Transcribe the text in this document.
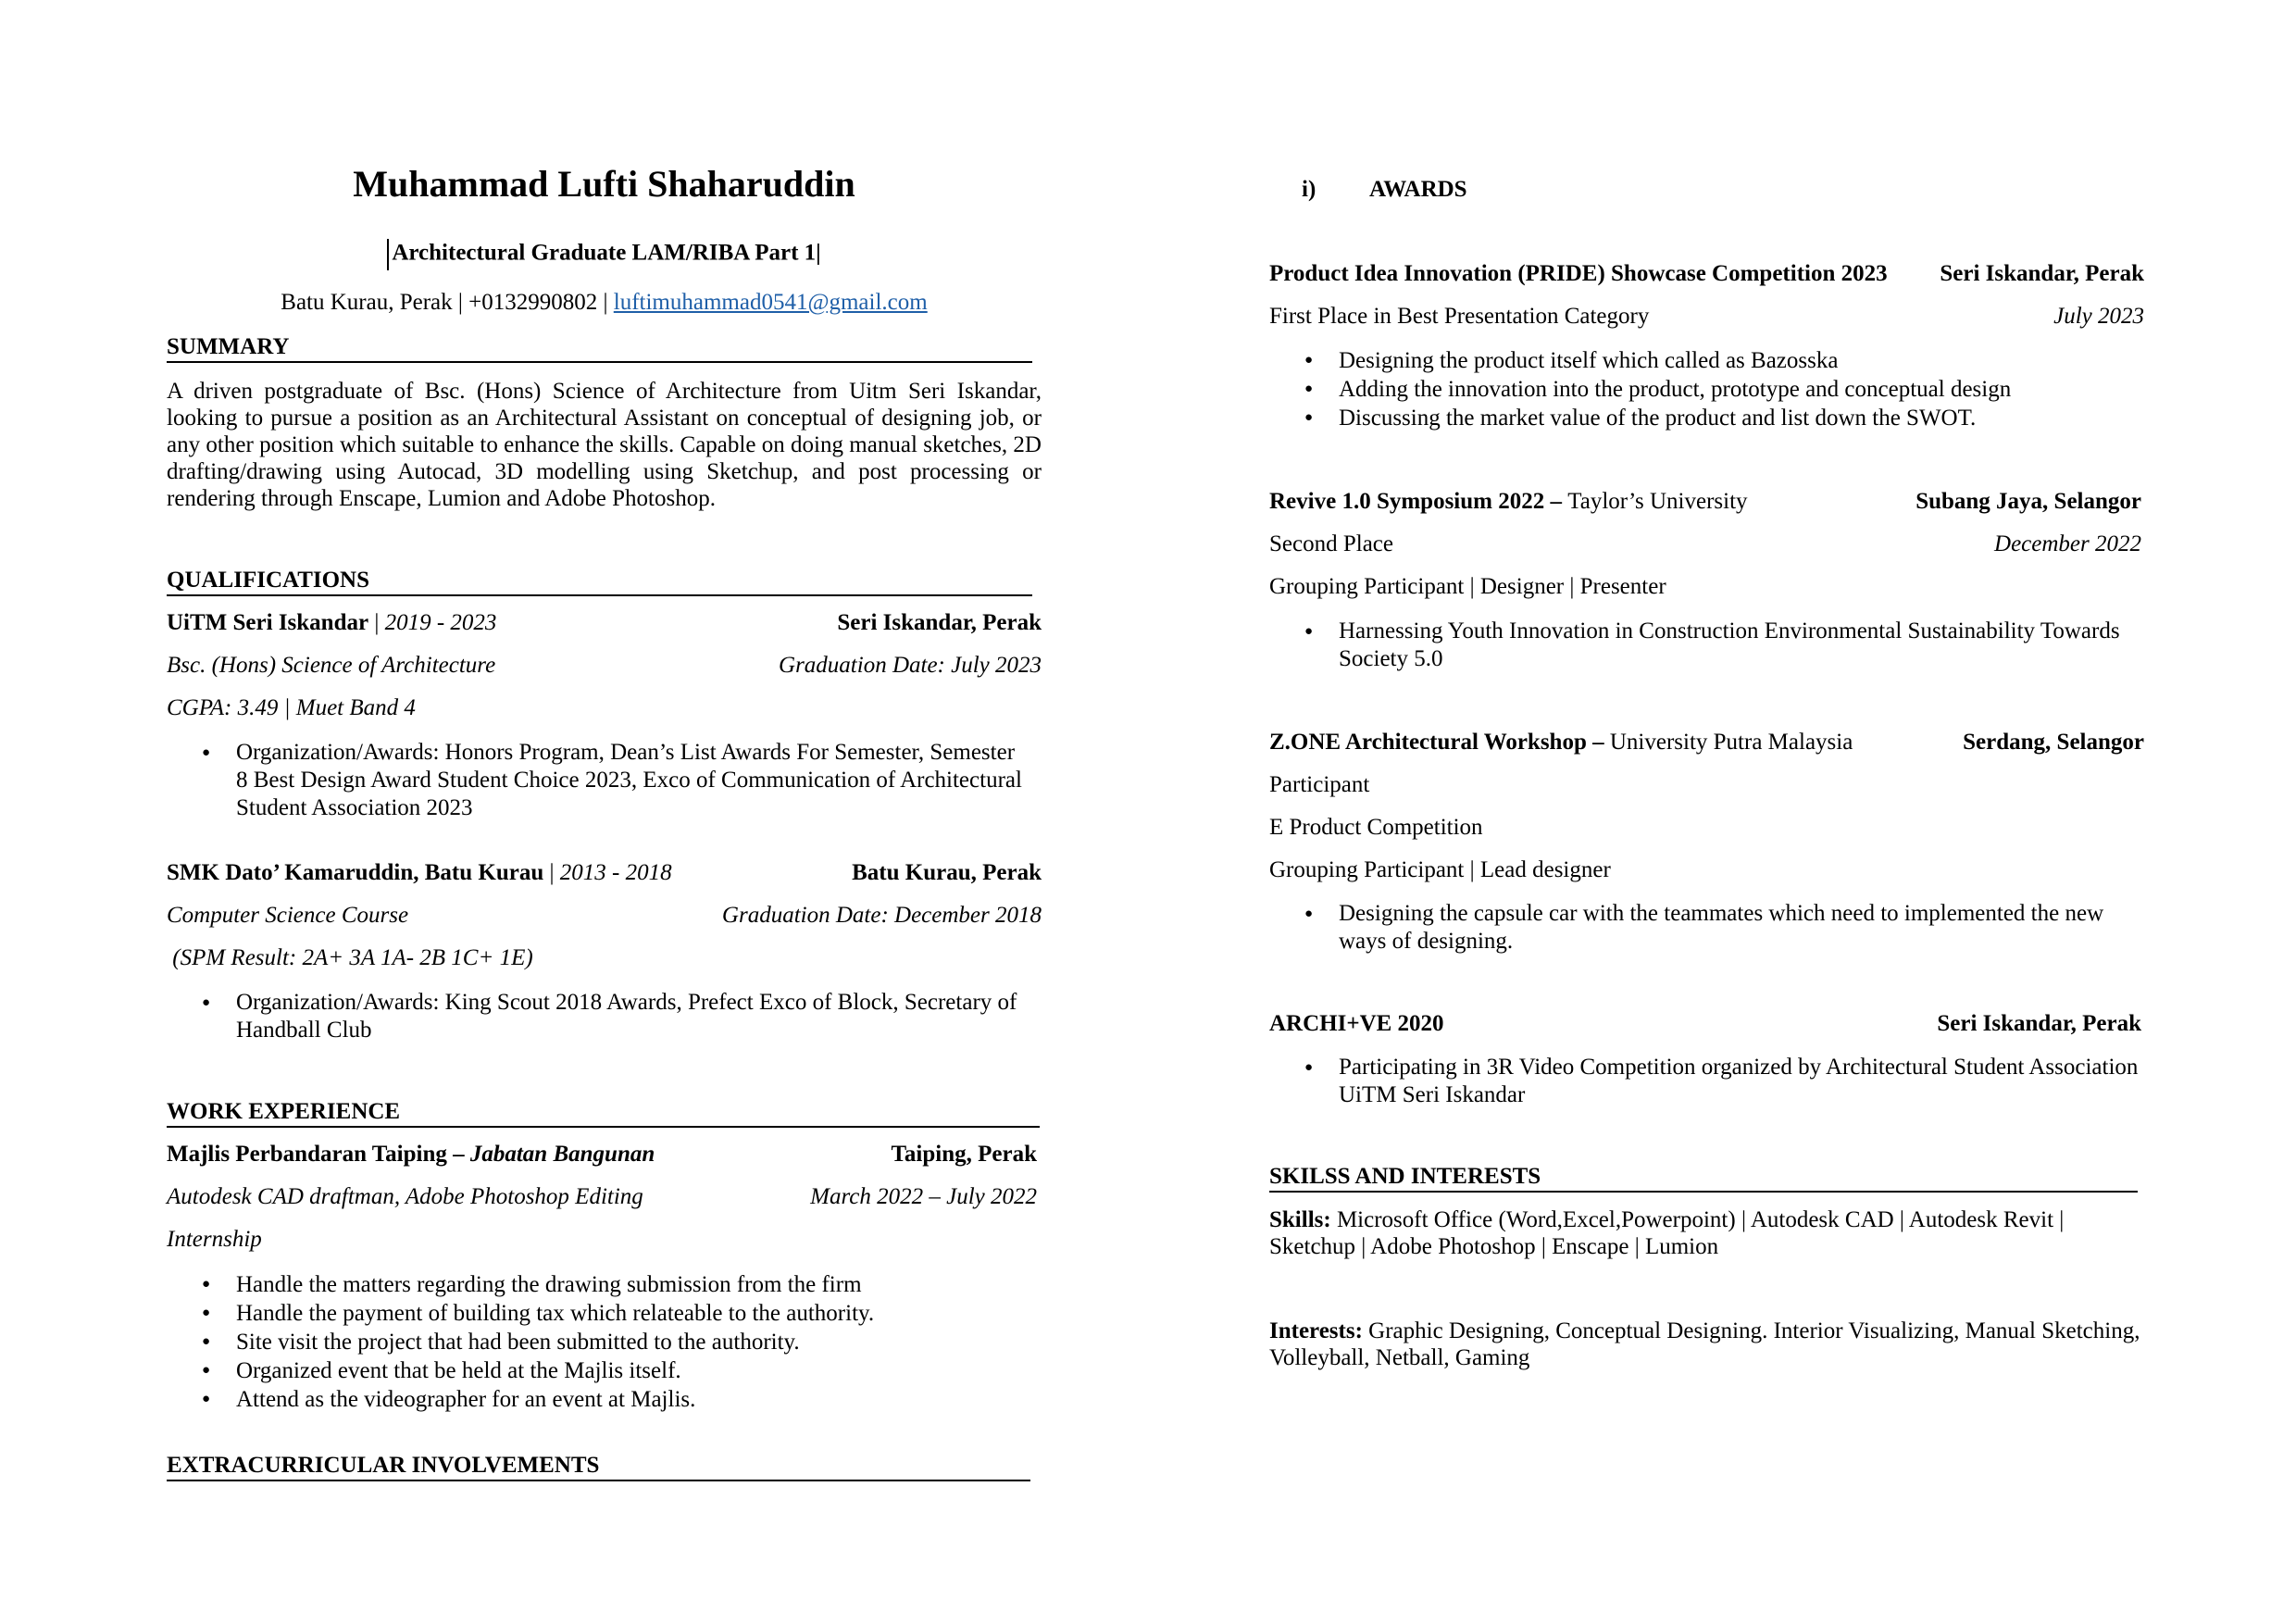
Muhammad Lufti Shaharuddin
Architectural Graduate LAM/RIBA Part 1|
Batu Kurau, Perak | +0132990802 | luftimuhammad0541@gmail.com
SUMMARY
A driven postgraduate of Bsc. (Hons) Science of Architecture from Uitm Seri Iskandar, looking to pursue a position as an Architectural Assistant on conceptual of designing job, or any other position which suitable to enhance the skills. Capable on doing manual sketches, 2D drafting/drawing using Autocad, 3D modelling using Sketchup, and post processing or rendering through Enscape, Lumion and Adobe Photoshop.
QUALIFICATIONS
UiTM Seri Iskandar | 2019 - 2023	Seri Iskandar, Perak
Bsc. (Hons) Science of Architecture	Graduation Date: July 2023
CGPA: 3.49 | Muet Band 4
● Organization/Awards: Honors Program, Dean’s List Awards For Semester, Semester 8 Best Design Award Student Choice 2023, Exco of Communication of Architectural Student Association 2023
SMK Dato’ Kamaruddin, Batu Kurau | 2013 - 2018	Batu Kurau, Perak
Computer Science Course	Graduation Date: December 2018
(SPM Result: 2A+ 3A 1A- 2B 1C+ 1E)
● Organization/Awards: King Scout 2018 Awards, Prefect Exco of Block, Secretary of Handball Club
WORK EXPERIENCE
Majlis Perbandaran Taiping – Jabatan Bangunan	Taiping, Perak
Autodesk CAD draftman, Adobe Photoshop Editing	March 2022 – July 2022
Internship
● Handle the matters regarding the drawing submission from the firm
● Handle the payment of building tax which relateable to the authority.
● Site visit the project that had been submitted to the authority.
● Organized event that be held at the Majlis itself.
● Attend as the videographer for an event at Majlis.
EXTRACURRICULAR INVOLVEMENTS
i) AWARDS
Product Idea Innovation (PRIDE) Showcase Competition 2023 Seri Iskandar, Perak
First Place in Best Presentation Category	July 2023
● Designing the product itself which called as Bazosska
● Adding the innovation into the product, prototype and conceptual design
● Discussing the market value of the product and list down the SWOT.
Revive 1.0 Symposium 2022 – Taylor’s University	Subang Jaya, Selangor
Second Place	December 2022
Grouping Participant | Designer | Presenter
● Harnessing Youth Innovation in Construction Environmental Sustainability Towards Society 5.0
Z.ONE Architectural Workshop – University Putra Malaysia	Serdang, Selangor
Participant
E Product Competition
Grouping Participant | Lead designer
● Designing the capsule car with the teammates which need to implemented the new ways of designing.
ARCHI+VE 2020	Seri Iskandar, Perak
● Participating in 3R Video Competition organized by Architectural Student Association UiTM Seri Iskandar
SKILSS AND INTERESTS
Skills: Microsoft Office (Word,Excel,Powerpoint) | Autodesk CAD | Autodesk Revit | Sketchup | Adobe Photoshop | Enscape | Lumion
Interests: Graphic Designing, Conceptual Designing. Interior Visualizing, Manual Sketching, Volleyball, Netball, Gaming
